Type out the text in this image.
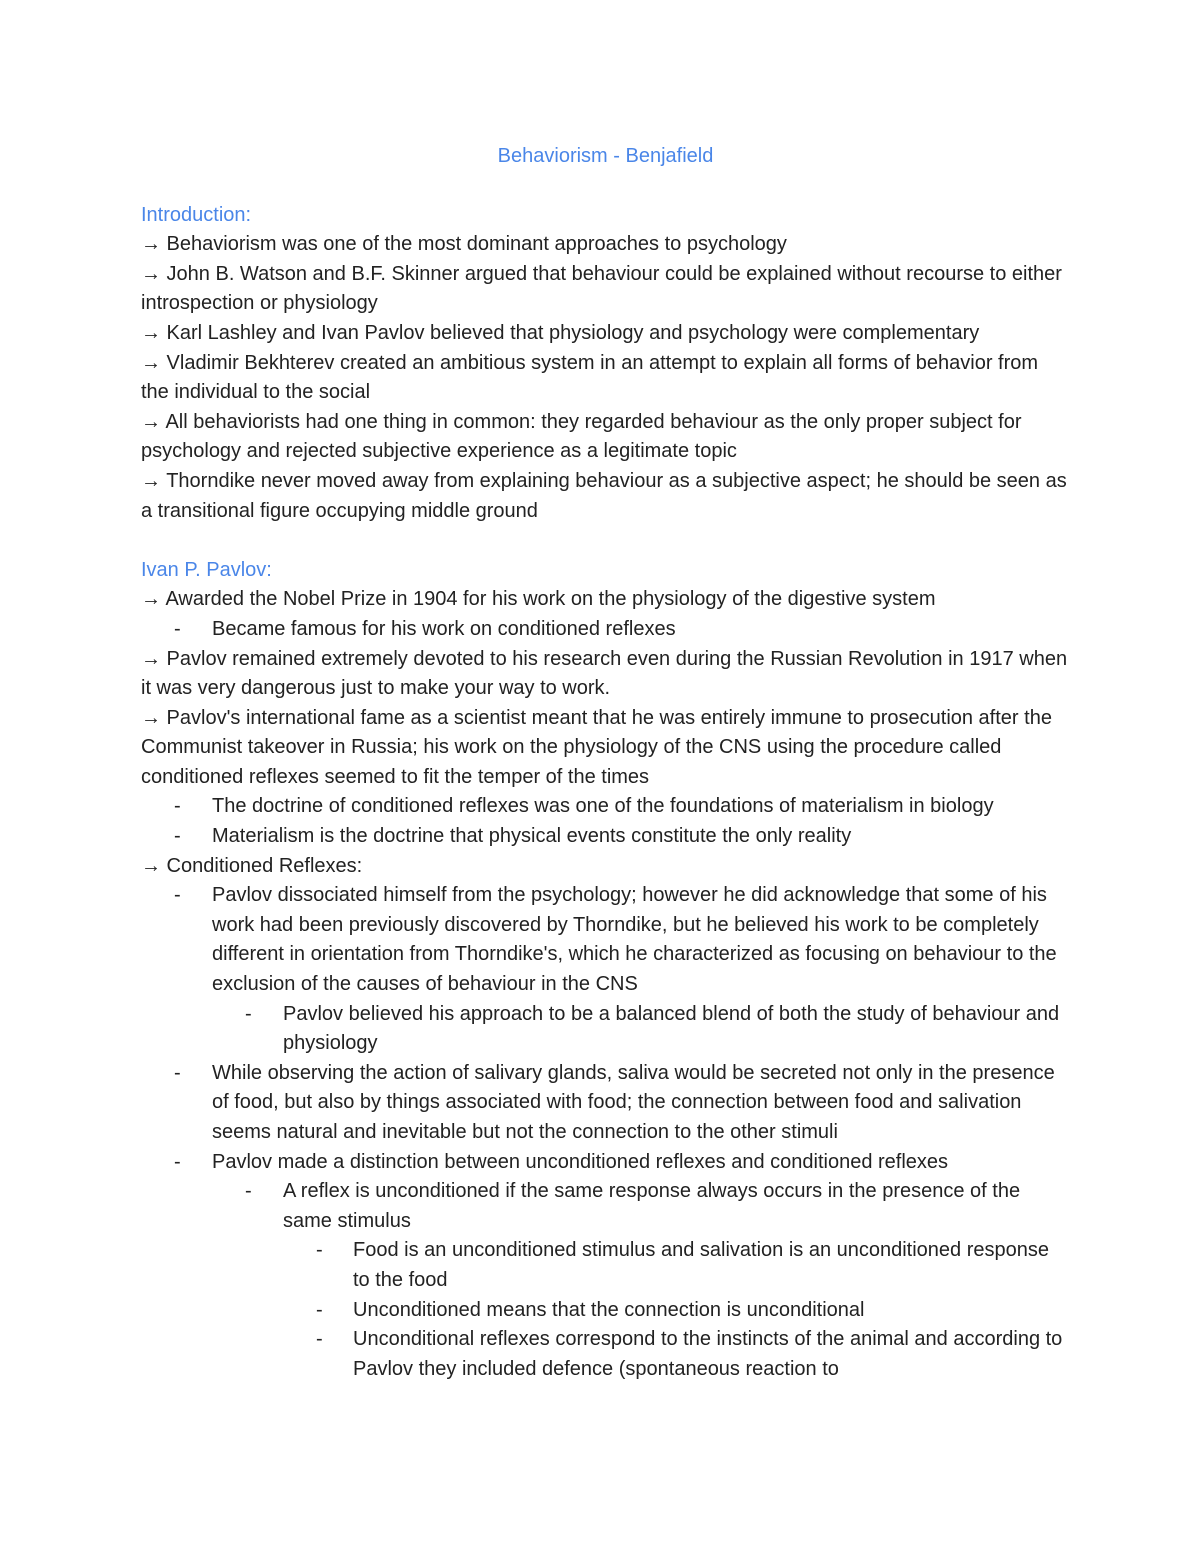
Behaviorism - Benjafield
Introduction:

→ Behaviorism was one of the most dominant approaches to psychology

→ John B. Watson and B.F. Skinner argued that behaviour could be explained without recourse to either introspection or physiology

→ Karl Lashley and Ivan Pavlov believed that physiology and psychology were complementary

→ Vladimir Bekhterev created an ambitious system in an attempt to explain all forms of behavior from the individual to the social

→ All behaviorists had one thing in common: they regarded behaviour as the only proper subject for psychology and rejected subjective experience as a legitimate topic

→ Thorndike never moved away from explaining behaviour as a subjective aspect; he should be seen as a transitional figure occupying middle ground

Ivan P. Pavlov:

→ Awarded the Nobel Prize in 1904 for his work on the physiology of the digestive system

- Became famous for his work on conditioned reflexes

→ Pavlov remained extremely devoted to his research even during the Russian Revolution in 1917 when it was very dangerous just to make your way to work.

→ Pavlov's international fame as a scientist meant that he was entirely immune to prosecution after the Communist takeover in Russia; his work on the physiology of the CNS using the procedure called conditioned reflexes seemed to fit the temper of the times

- The doctrine of conditioned reflexes was one of the foundations of materialism in biology
- Materialism is the doctrine that physical events constitute the only reality

→ Conditioned Reflexes:

- Pavlov dissociated himself from the psychology; however he did acknowledge that some of his work had been previously discovered by Thorndike, but he believed his work to be completely different in orientation from Thorndike's, which he characterized as focusing on behaviour to the exclusion of the causes of behaviour in the CNS
- Pavlov believed his approach to be a balanced blend of both the study of behaviour and physiology
- While observing the action of salivary glands, saliva would be secreted not only in the presence of food, but also by things associated with food; the connection between food and salivation seems natural and inevitable but not the connection to the other stimuli
- Pavlov made a distinction between unconditioned reflexes and conditioned reflexes
- A reflex is unconditioned if the same response always occurs in the presence of the same stimulus
- Food is an unconditioned stimulus and salivation is an unconditioned response to the food
- Unconditioned means that the connection is unconditional
- Unconditional reflexes correspond to the instincts of the animal and according to Pavlov they included defence (spontaneous reaction to
